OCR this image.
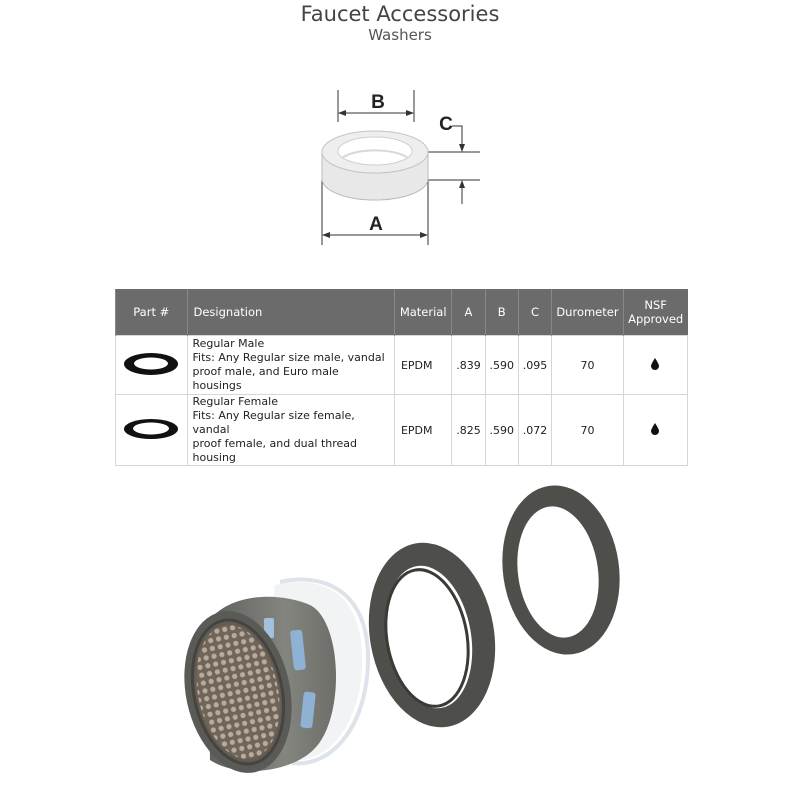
Faucet Accessories
Washers
B
A
C
Part #	Designation	Material	A	B	C	Durometer	NSF
Approved

Regular Male
Fits: Any Regular size male, vandal
proof male, and Euro male housings	EPDM	.839	.590	.095	70	

Regular Female
Fits: Any Regular size female, vandal
proof female, and dual thread housing	EPDM	.825	.590	.072	70	
